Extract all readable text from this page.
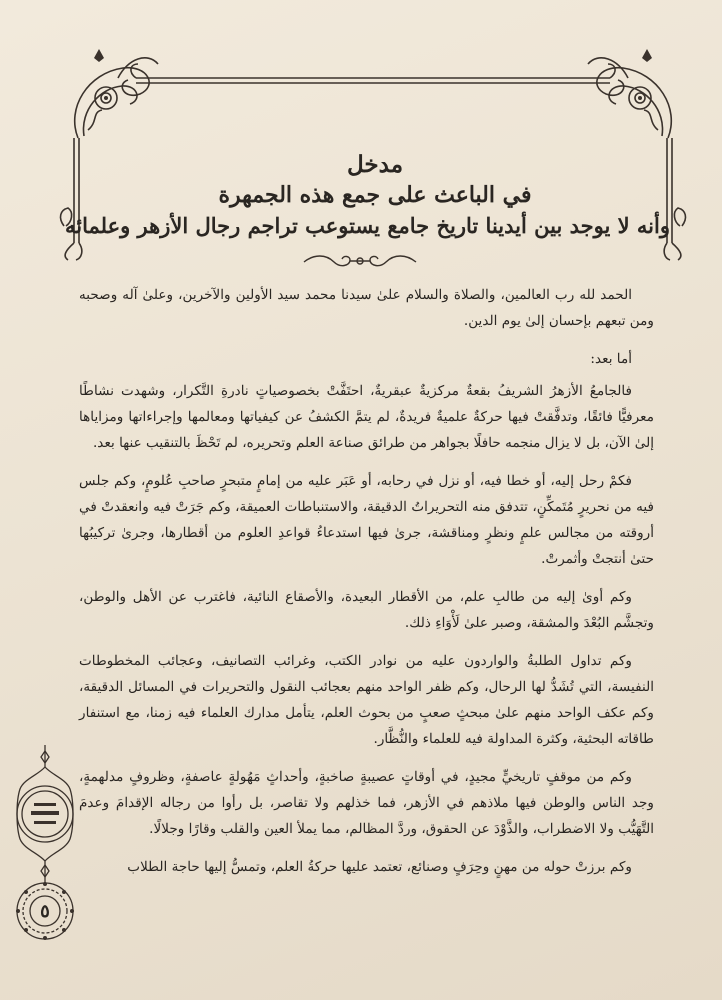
مدخل
في الباعث على جمع هذه الجمهرة
وأنه لا يوجد بين أيدينا تاريخ جامع يستوعب تراجم رجال الأزهر وعلمائه

الحمد لله رب العالمين، والصلاة والسلام علىٰ سيدنا محمد سيد الأولين والآخرين، وعلىٰ آله وصحبه ومن تبعهم بإحسان إلىٰ يوم الدين.

أما بعد:

فالجامعُ الأزهرُ الشريفُ بقعةٌ مركزيةٌ عبقريةٌ، احتَفَّتْ بخصوصياتٍ نادرةِ التَّكرار، وشهدت نشاطًا معرفيًّا فائقًا، وتدفَّقتْ فيها حركةٌ علميةٌ فريدةٌ، لم يتمَّ الكشفُ عن كيفياتها ومعالمها وإجراءاتها ومزاياها إلىٰ الآن، بل لا يزال منجمه حافلًا بجواهر من طرائق صناعة العلم وتحريره، لم تَحْظَ بالتنقيب عنها بعد.

فكمْ رحل إليه، أو خطا فيه، أو نزل في رحابه، أو عَبَر عليه من إمامٍ متبحرٍ صاحبِ عُلومٍ، وكم جلس فيه من نحريرٍ مُتَمكِّنٍ، تتدفق منه التحريراتُ الدقيقة، والاستنباطات العميقة، وكم جَرَتْ فيه وانعقدتْ في أروقته من مجالس علمٍ ونظرٍ ومناقشة، جرىٰ فيها استدعاءُ قواعدِ العلوم من أقطارها، وجرىٰ تركيبُها حتىٰ أنتجتْ وأثمرتْ.

وكم أوىٰ إليه من طالبِ علم، من الأقطار البعيدة، والأصقاع النائية، فاغترب عن الأهل والوطن، وتجشَّم البُعْدَ والمشقة، وصبر علىٰ لَأْوَاءِ ذلك.

وكم تداول الطلبةُ والواردون عليه من نوادر الكتب، وغرائب التصانيف، وعجائب المخطوطات النفيسة، التي تُشَدُّ لها الرحال، وكم ظفر الواحد منهم بعجائب النقول والتحريرات في المسائل الدقيقة، وكم عكف الواحد منهم علىٰ مبحثٍ صعبٍ من بحوث العلم، يتأمل مدارك العلماء فيه زمنا، مع استنفار طاقاته البحثية، وكثرة المداولة فيه للعلماء والنُّظَّار.

وكم من موقفٍ تاريخيٍّ مجيدٍ، في أوقاتٍ عصيبةٍ صاخبةٍ، وأحداثٍ مَهُولةٍ عاصفةٍ، وظروفٍ مدلهمةٍ، وجد الناس والوطن فيها ملاذهم في الأزهر، فما خذلهم ولا تقاصر، بل رأوا من رجاله الإقدامَ وعدمَ التَّهَيُّب ولا الاضطراب، والذَّوْدَ عن الحقوق، وردَّ المظالم، مما يملأ العين والقلب وقارًا وجلالًا.

وكم برزتْ حوله من مهنٍ وحِرَفٍ وصنائع، تعتمد عليها حركةُ العلم، وتمسُّ إليها حاجة الطلاب

٥
